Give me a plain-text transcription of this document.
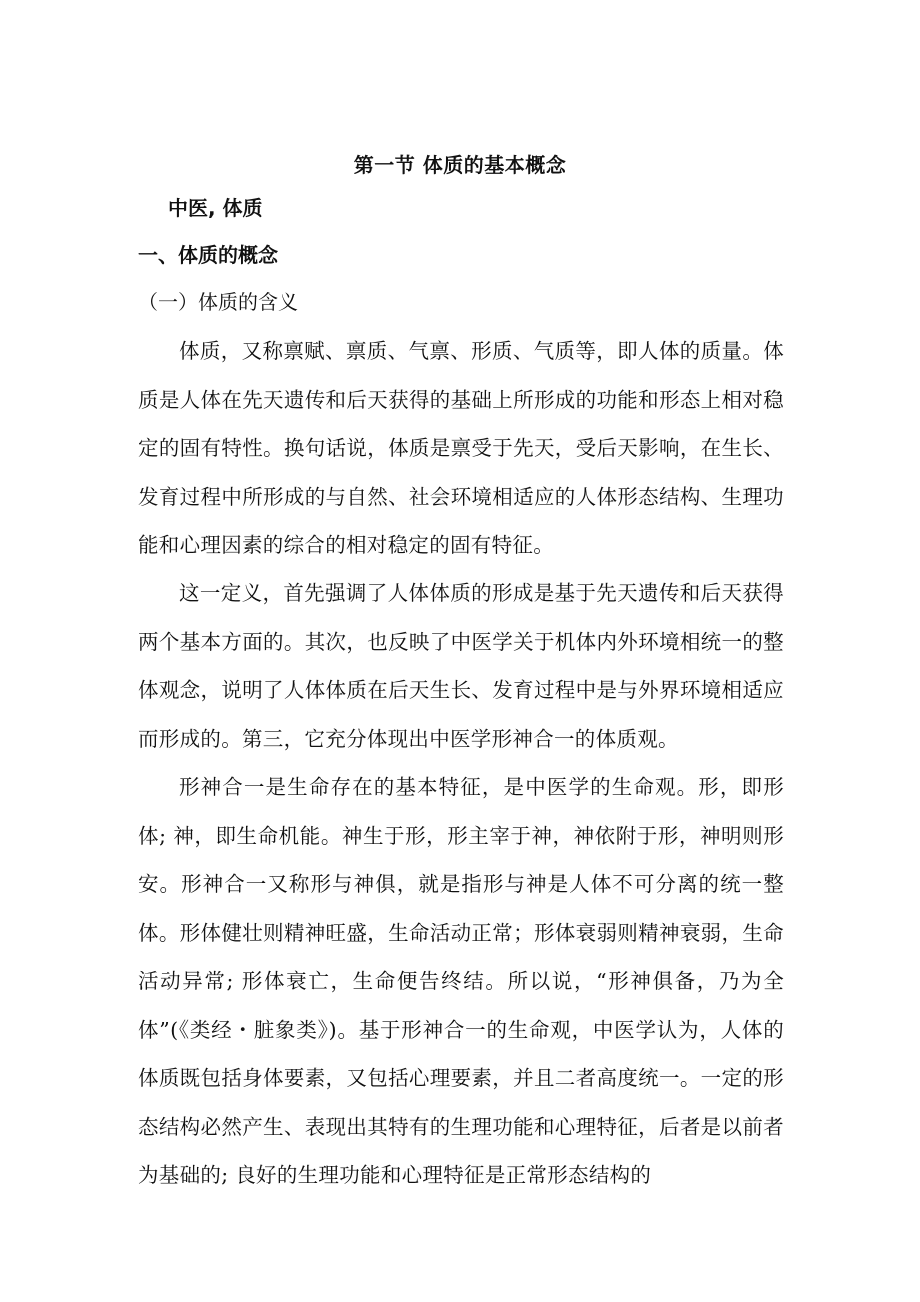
第一节 体质的基本概念
中医, 体质
一、体质的概念
（一）体质的含义

体质，又称禀赋、禀质、气禀、形质、气质等，即人体的质量。体质是人体在先天遗传和后天获得的基础上所形成的功能和形态上相对稳定的固有特性。换句话说，体质是禀受于先天，受后天影响，在生长、发育过程中所形成的与自然、社会环境相适应的人体形态结构、生理功能和心理因素的综合的相对稳定的固有特征。

这一定义，首先强调了人体体质的形成是基于先天遗传和后天获得两个基本方面的。其次，也反映了中医学关于机体内外环境相统一的整体观念，说明了人体体质在后天生长、发育过程中是与外界环境相适应而形成的。第三，它充分体现出中医学形神合一的体质观。

形神合一是生命存在的基本特征，是中医学的生命观。形，即形体; 神，即生命机能。神生于形，形主宰于神，神依附于形，神明则形安。形神合一又称形与神俱，就是指形与神是人体不可分离的统一整体。形体健壮则精神旺盛，生命活动正常；形体衰弱则精神衰弱，生命活动异常; 形体衰亡，生命便告终结。所以说，“形神俱备，乃为全体”(《类经・脏象类》)。基于形神合一的生命观，中医学认为，人体的体质既包括身体要素，又包括心理要素，并且二者高度统一。一定的形态结构必然产生、表现出其特有的生理功能和心理特征，后者是以前者为基础的; 良好的生理功能和心理特征是正常形态结构的
